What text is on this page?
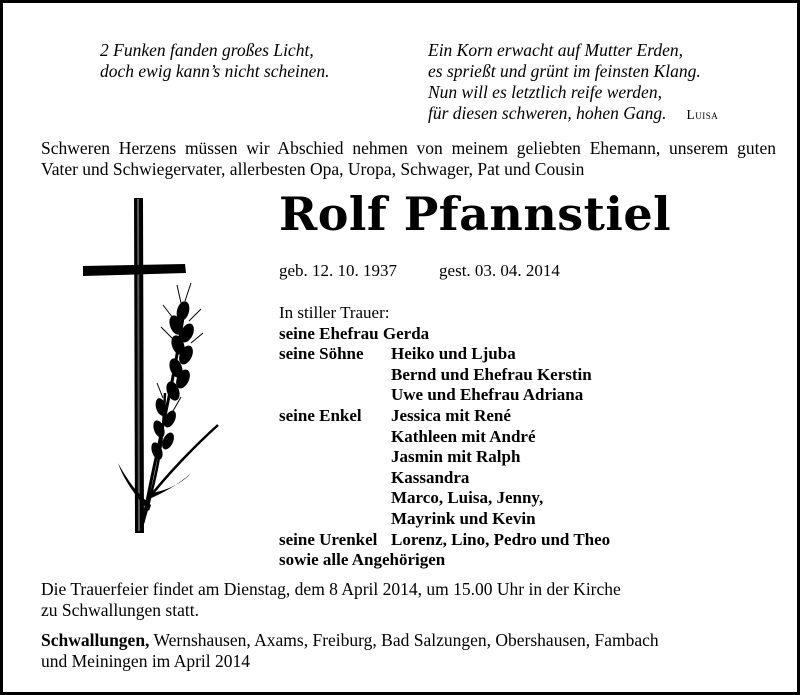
2 Funken fanden großes Licht,
doch ewig kann’s nicht scheinen.
Ein Korn erwacht auf Mutter Erden,
es sprießt und grünt im feinsten Klang.
Nun will es letztlich reife werden,
für diesen schweren, hohen Gang. Luisa
Schweren Herzens müssen wir Abschied nehmen von meinem geliebten Ehemann, unserem guten
Vater und Schwiegervater, allerbesten Opa, Uropa, Schwager, Pat und Cousin
Rolf Pfannstiel
geb. 12. 10. 1937 gest. 03. 04. 2014
In stiller Trauer:
seine Ehefrau Gerda
seine Söhne	Heiko und Ljuba
Bernd und Ehefrau Kerstin
Uwe und Ehefrau Adriana
seine Enkel	Jessica mit René
Kathleen mit André
Jasmin mit Ralph
Kassandra
Marco, Luisa, Jenny,
Mayrink und Kevin
seine Urenkel Lorenz, Lino, Pedro und Theo
sowie alle Angehörigen
Die Trauerfeier findet am Dienstag, dem 8 April 2014, um 15.00 Uhr in der Kirche
zu Schwallungen statt.
Schwallungen, Wernshausen, Axams, Freiburg, Bad Salzungen, Obershausen, Fambach
und Meiningen im April 2014
